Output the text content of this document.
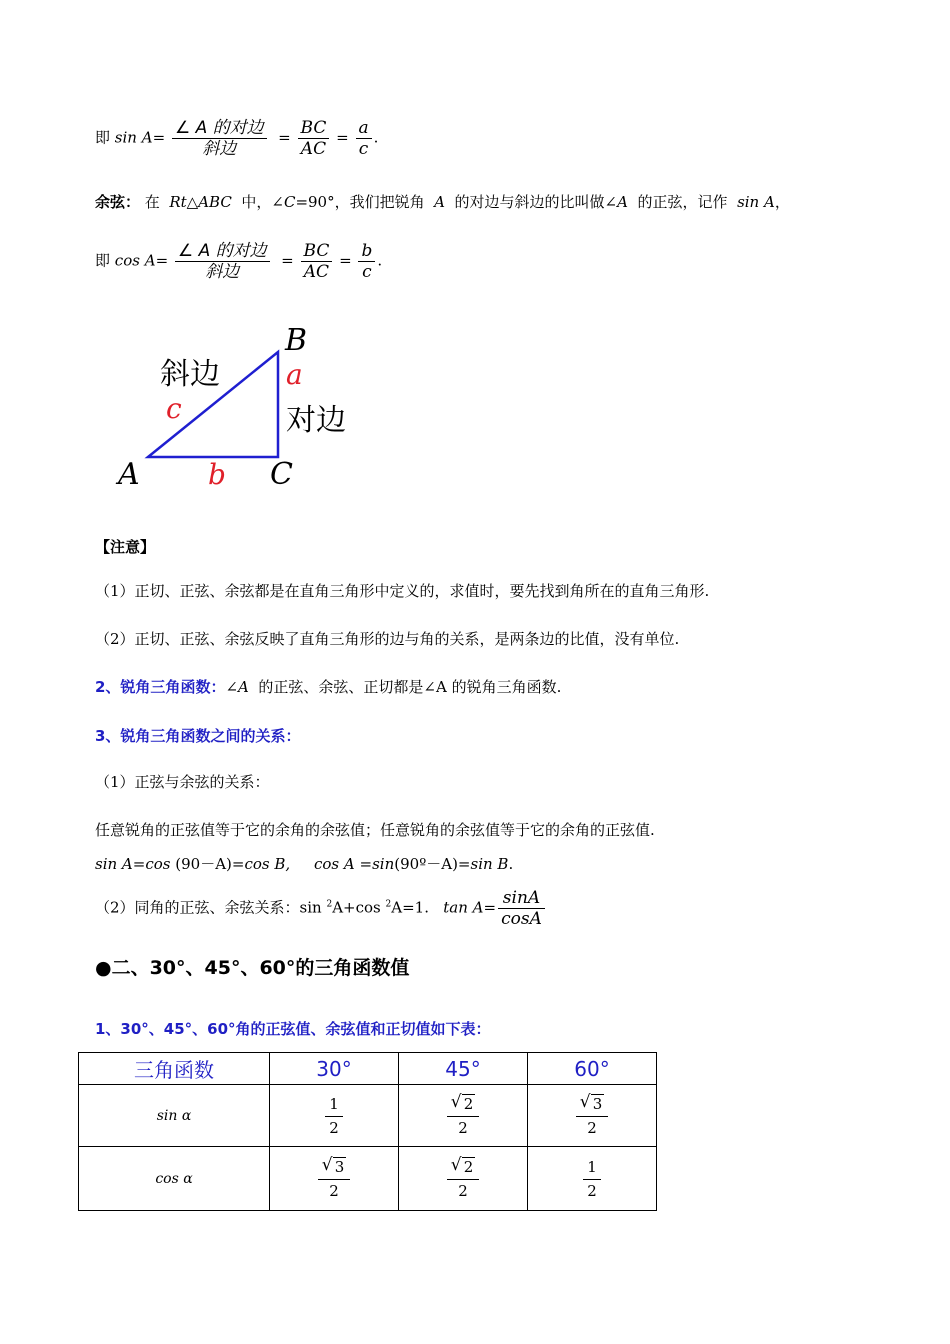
即 $\sin A= \frac{\text{∠ A 的对边}}{\text{斜边}} = \frac{BC}{AC} = \frac{a}{c}$ .
余弦： 在 Rt△ABC 中，∠C=90°，我们把锐角 A 的对边与斜边的比叫做∠A 的正弦，记作 sin A，
即 $\cos A= \frac{\text{∠ A 的对边}}{\text{斜边}} = \frac{BC}{AC} = \frac{b}{c}$ .
B
A	C
a
b
c
斜边
对边
【注意】
（1）正切、正弦、余弦都是在直角三角形中定义的，求值时，要先找到角所在的直角三角形.
（2）正切、正弦、余弦反映了直角三角形的边与角的关系，是两条边的比值，没有单位.
2、锐角三角函数：∠A 的正弦、余弦、正切都是∠A 的锐角三角函数.
3、锐角三角函数之间的关系：
（1）正弦与余弦的关系：
任意锐角的正弦值等于它的余角的余弦值；任意锐角的余弦值等于它的余角的正弦值.
sin A=cos (90－A)=cos B, cos A =sin(90º－A)=sin B.
（2）同角的正弦、余弦关系：sin $^2$A+cos $^2$A=1. $\tan A= \frac{\sin A}{\cos A}$
●二、30°、45°、60°的三角函数值
1、30°、45°、60°角的正弦值、余弦值和正切值如下表：
三角函数	30°	45°	60°
sin α	$\frac{1}{2}$	$\frac{√ 2}{2}$	$\frac{√ 3}{2}$

cos α	$\frac{√ 3}{2}$	$\frac{√ 2}{2}$	$\frac{1}{2}$
